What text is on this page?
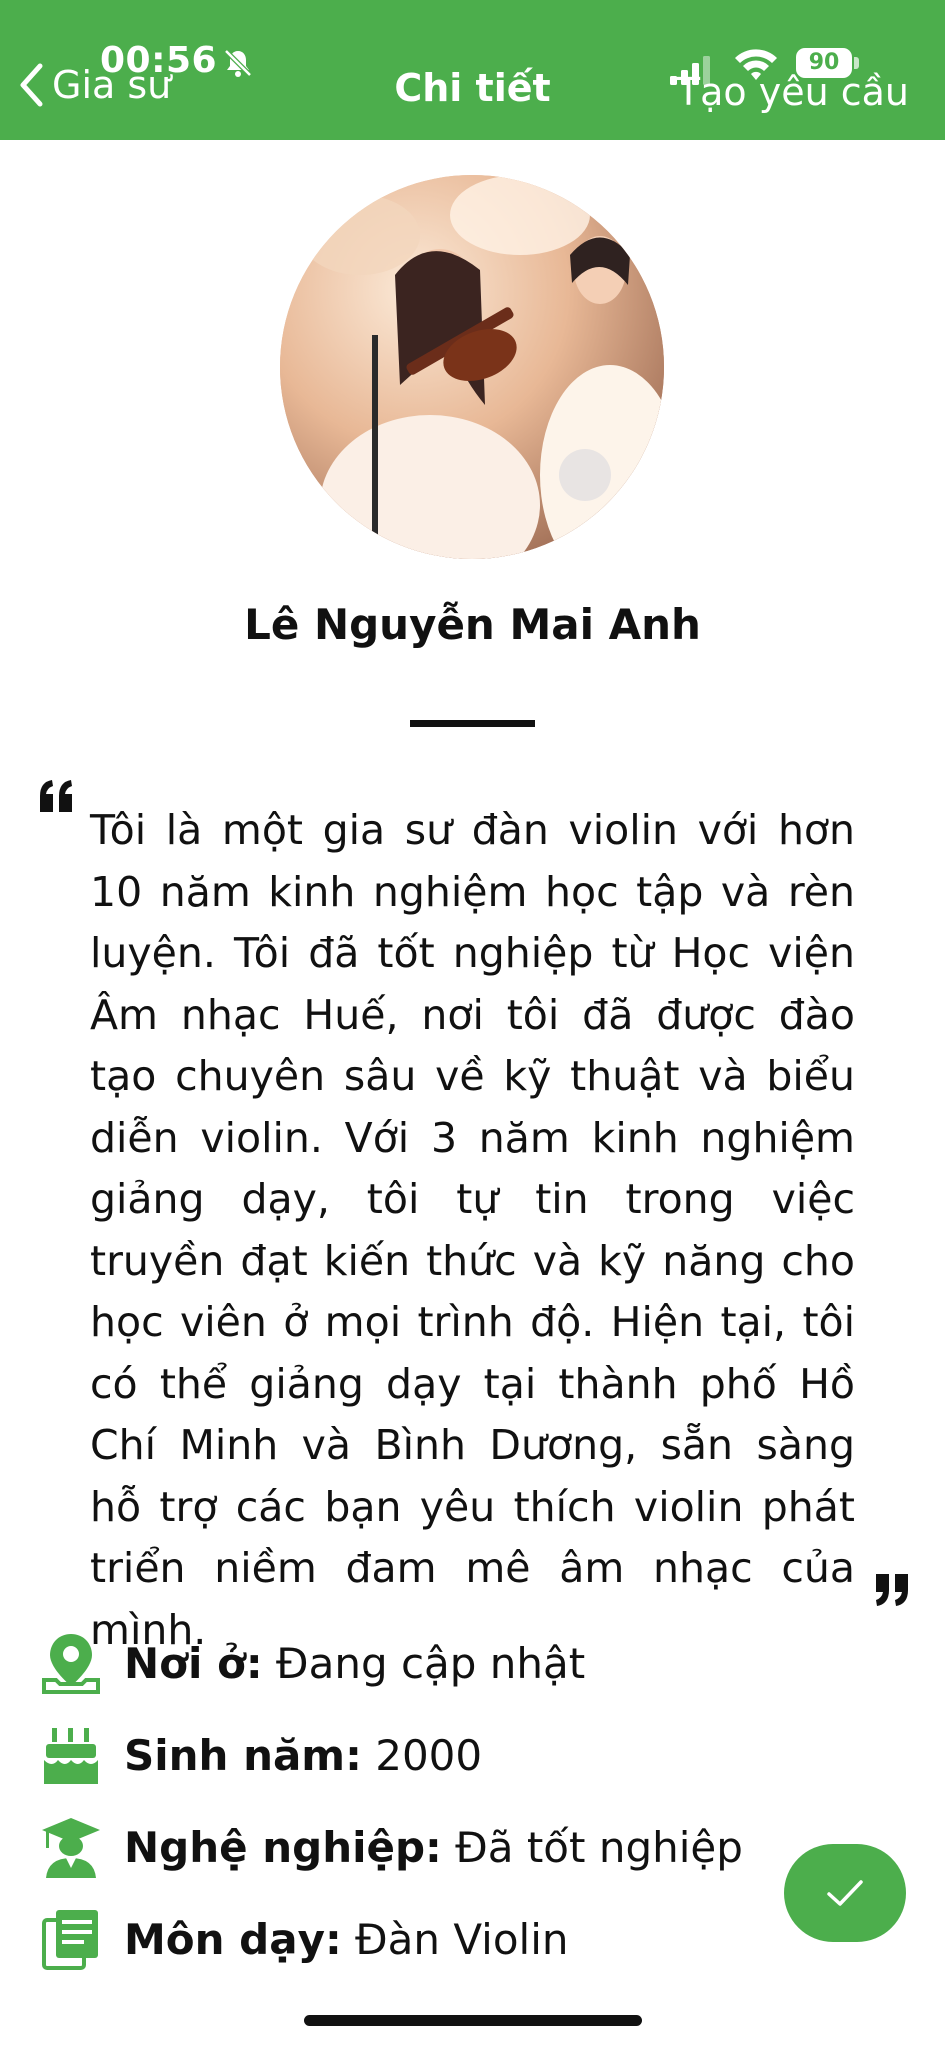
00:56	90
Gia sư	Chi tiết	Tạo yêu cầu
Lê Nguyễn Mai Anh
Tôi là một gia sư đàn violin với hơn 10 năm kinh nghiệm học tập và rèn luyện. Tôi đã tốt nghiệp từ Học viện Âm nhạc Huế, nơi tôi đã được đào tạo chuyên sâu về kỹ thuật và biểu diễn violin. Với 3 năm kinh nghiệm giảng dạy, tôi tự tin trong việc truyền đạt kiến thức và kỹ năng cho học viên ở mọi trình độ. Hiện tại, tôi có thể giảng dạy tại thành phố Hồ Chí Minh và Bình Dương, sẵn sàng hỗ trợ các bạn yêu thích violin phát triển niềm đam mê âm nhạc của mình.
Nơi ở: Đang cập nhật
Sinh năm: 2000
Nghệ nghiệp: Đã tốt nghiệp
Môn dạy: Đàn Violin
